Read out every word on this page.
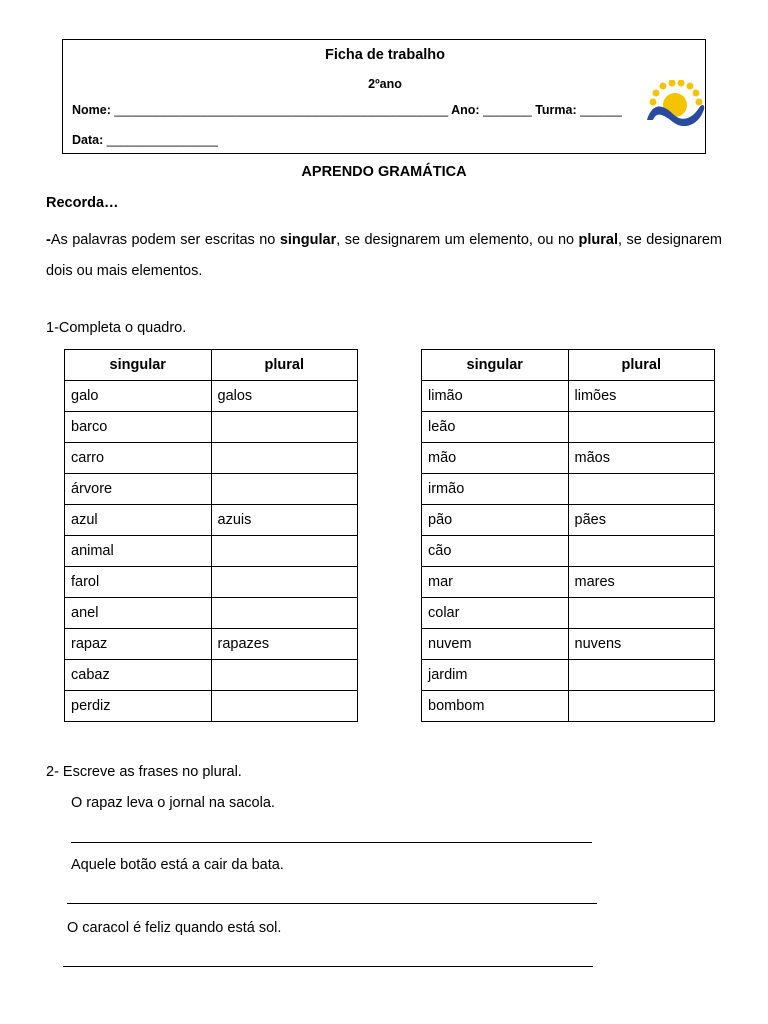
Ficha de trabalho
2ºano
Nome: ________________________________________________ Ano: _______ Turma: ______
Data: ________________
APRENDO GRAMÁTICA
Recorda…
-As palavras podem ser escritas no singular, se designarem um elemento, ou no plural, se designarem dois ou mais elementos.
1-Completa o quadro.
singular	plural
galo	galos
barco	
carro	
árvore	
azul	azuis
animal	
farol	
anel	
rapaz	rapazes
cabaz	
perdiz	
singular	plural
limão	limões
leão	
mão	mãos
irmão	
pão	pães
cão	
mar	mares
colar	
nuvem	nuvens
jardim	
bombom	
2- Escreve as frases no plural.
O rapaz leva o jornal na sacola.
Aquele botão está a cair da bata.
O caracol é feliz quando está sol.
